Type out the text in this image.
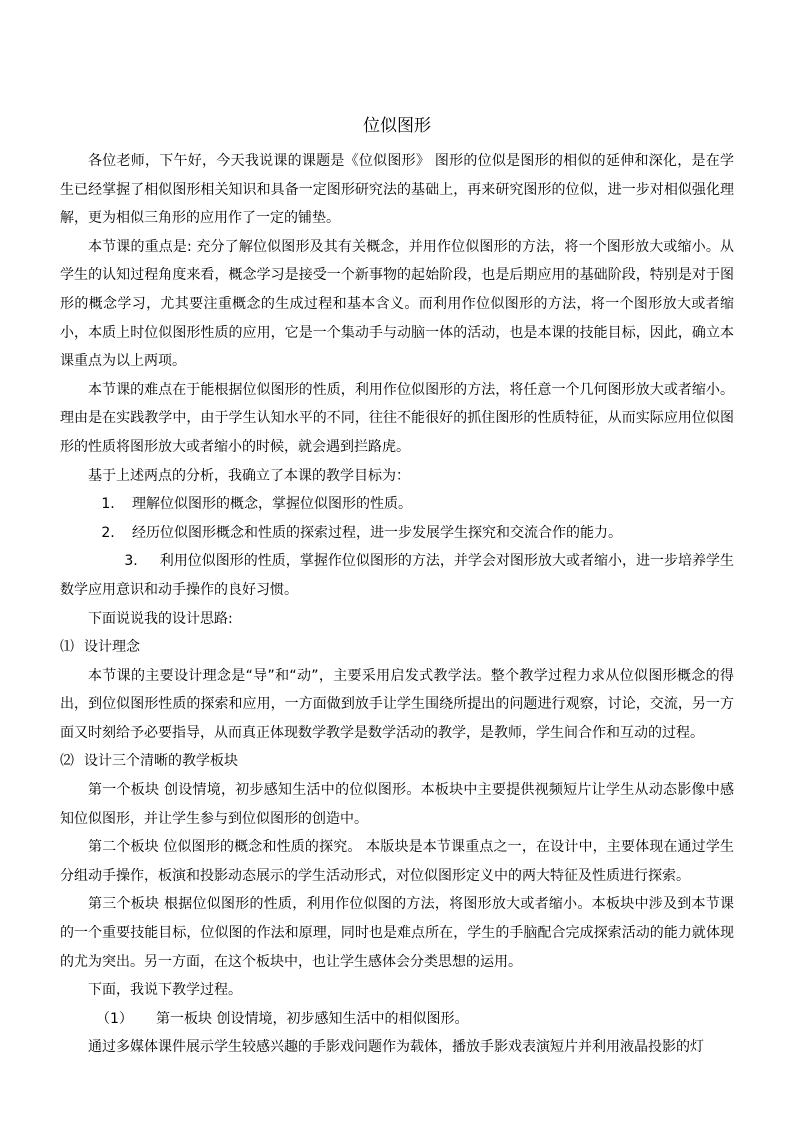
位似图形

各位老师，下午好，今天我说课的课题是《位似图形》 图形的位似是图形的相似的延伸和深化，是在学生已经掌握了相似图形相关知识和具备一定图形研究法的基础上，再来研究图形的位似，进一步对相似强化理解，更为相似三角形的应用作了一定的铺垫。

本节课的重点是: 充分了解位似图形及其有关概念，并用作位似图形的方法，将一个图形放大或缩小。从学生的认知过程角度来看，概念学习是接受一个新事物的起始阶段，也是后期应用的基础阶段，特别是对于图形的概念学习，尤其要注重概念的生成过程和基本含义。而利用作位似图形的方法，将一个图形放大或者缩小，本质上时位似图形性质的应用，它是一个集动手与动脑一体的活动，也是本课的技能目标，因此，确立本课重点为以上两项。

本节课的难点在于能根据位似图形的性质，利用作位似图形的方法，将任意一个几何图形放大或者缩小。理由是在实践教学中，由于学生认知水平的不同，往往不能很好的抓住图形的性质特征，从而实际应用位似图形的性质将图形放大或者缩小的时候，就会遇到拦路虎。

基于上述两点的分析，我确立了本课的教学目标为：

1. 理解位似图形的概念，掌握位似图形的性质。

2. 经历位似图形概念和性质的探索过程，进一步发展学生探究和交流合作的能力。

3. 利用位似图形的性质，掌握作位似图形的方法，并学会对图形放大或者缩小，进一步培养学生数学应用意识和动手操作的良好习惯。

下面说说我的设计思路:

⑴ 设计理念

本节课的主要设计理念是“导”和“动”，主要采用启发式教学法。整个教学过程力求从位似图形概念的得出，到位似图形性质的探索和应用，一方面做到放手让学生围绕所提出的问题进行观察，讨论，交流，另一方面又时刻给予必要指导，从而真正体现数学教学是数学活动的教学，是教师，学生间合作和互动的过程。

⑵ 设计三个清晰的教学板块

第一个板块 创设情境，初步感知生活中的位似图形。本板块中主要提供视频短片让学生从动态影像中感知位似图形，并让学生参与到位似图形的创造中。

第二个板块 位似图形的概念和性质的探究。 本版块是本节课重点之一，在设计中，主要体现在通过学生分组动手操作，板演和投影动态展示的学生活动形式，对位似图形定义中的两大特征及性质进行探索。

第三个板块 根据位似图形的性质，利用作位似图的方法，将图形放大或者缩小。本板块中涉及到本节课的一个重要技能目标，位似图的作法和原理，同时也是难点所在，学生的手脑配合完成探索活动的能力就体现的尤为突出。另一方面，在这个板块中，也让学生感体会分类思想的运用。

下面，我说下教学过程。

（1） 第一板块 创设情境，初步感知生活中的相似图形。

通过多媒体课件展示学生较感兴趣的手影戏问题作为载体，播放手影戏表演短片并利用液晶投影的灯
